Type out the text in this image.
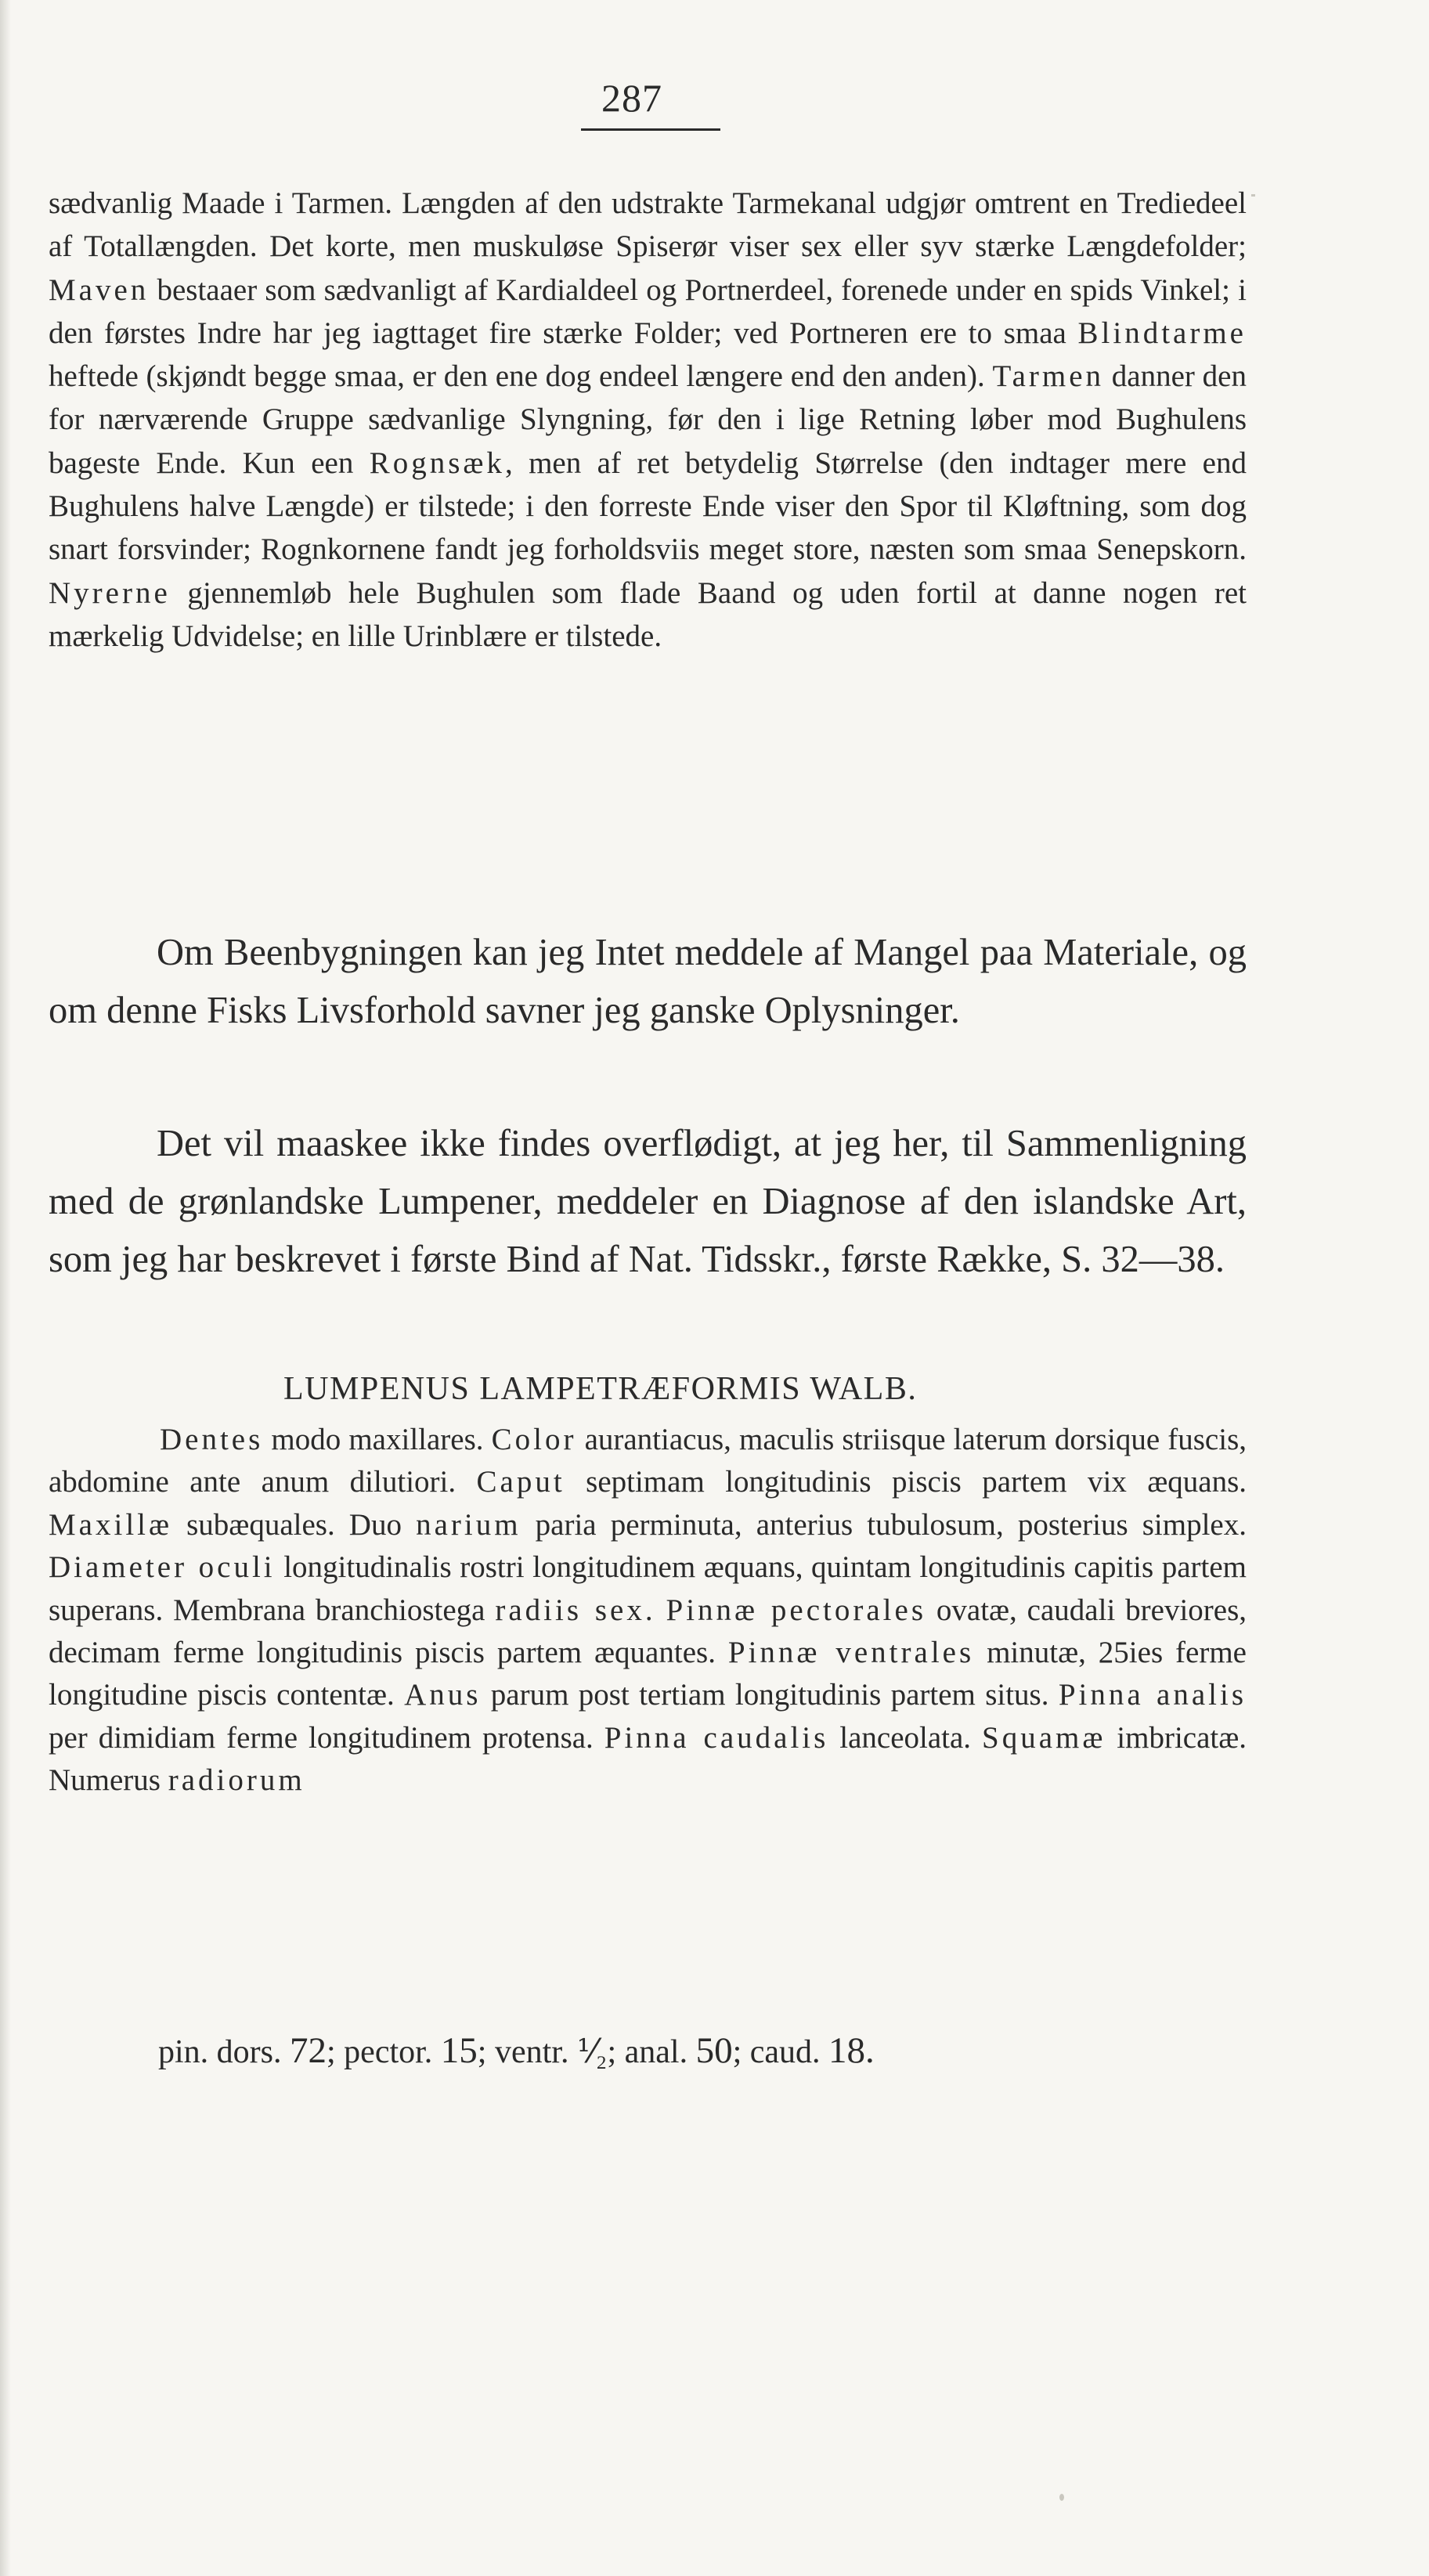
287
sædvanlig Maade i Tarmen. Længden af den udstrakte Tarmekanal udgjør omtrent en Trediedeel af Totallængden. Det korte, men muskuløse Spiserør viser sex eller syv stærke Længdefolder; Maven bestaaer som sædvanligt af Kardialdeel og Portnerdeel, forenede under en spids Vinkel; i den førstes Indre har jeg iagttaget fire stærke Folder; ved Portneren ere to smaa Blindtarme heftede (skjøndt begge smaa, er den ene dog endeel længere end den anden). Tarmen danner den for nærværende Gruppe sædvanlige Slyngning, før den i lige Retning løber mod Bughulens bageste Ende. Kun een Rognsæk, men af ret betydelig Størrelse (den indtager mere end Bughulens halve Længde) er tilstede; i den forreste Ende viser den Spor til Kløftning, som dog snart forsvinder; Rognkornene fandt jeg forholdsviis meget store, næsten som smaa Senepskorn. Nyrerne gjennemløb hele Bughulen som flade Baand og uden fortil at danne nogen ret mærkelig Udvidelse; en lille Urinblære er tilstede.
Om Beenbygningen kan jeg Intet meddele af Mangel paa Materiale, og om denne Fisks Livsforhold savner jeg ganske Oplysninger.
Det vil maaskee ikke findes overflødigt, at jeg her, til Sammenligning med de grønlandske Lumpener, meddeler en Diagnose af den islandske Art, som jeg har beskrevet i første Bind af Nat. Tidsskr., første Række, S. 32—38.
LUMPENUS LAMPETRÆFORMIS WALB.
Dentes modo maxillares. Color aurantiacus, maculis striisque laterum dorsique fuscis, abdomine ante anum dilutiori. Caput septimam longitudinis piscis partem vix æquans. Maxillæ subæquales. Duo narium paria perminuta, anterius tubulosum, posterius simplex. Diameter oculi longitudinalis rostri longitudinem æquans, quintam longitudinis capitis partem superans. Membrana branchiostega radiis sex. Pinnæ pectorales ovatæ, caudali breviores, decimam ferme longitudinis piscis partem æquantes. Pinnæ ventrales minutæ, 25ies ferme longitudine piscis contentæ. Anus parum post tertiam longitudinis partem situs. Pinna analis per dimidiam ferme longitudinem protensa. Pinna caudalis lanceolata. Squamæ imbricatæ. Numerus radiorum
pin. dors. 72; pector. 15; ventr. ⅟₂; anal. 50; caud. 18.
